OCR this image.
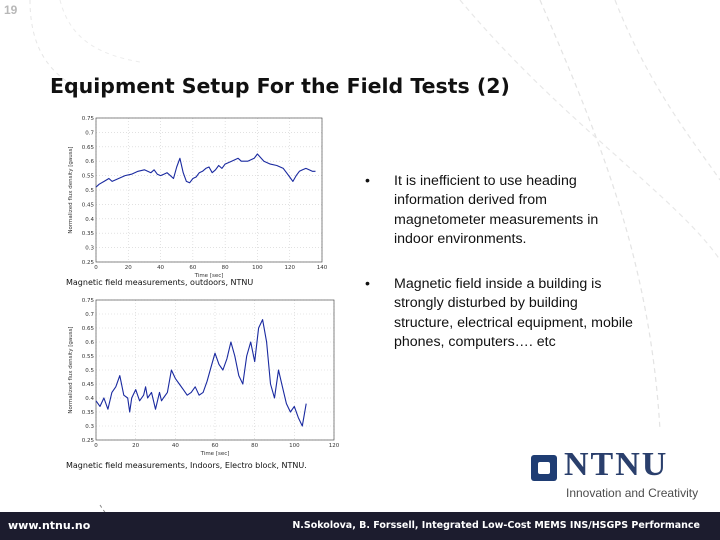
19
Equipment Setup For the Field Tests (2)
0	20	40	60	80	100	120	140
0.25
0.3
0.35
0.4
0.45
0.5
0.55
0.6
0.65
0.7
0.75
Time [sec]
Normalized flux density [gauss]
Magnetic field measurements, outdoors, NTNU
0	20	40	60	80	100	120
0.25
0.3
0.35
0.4
0.45
0.5
0.55
0.6
0.65
0.7
0.75
Time [sec]
Normalized flux density [gauss]
Magnetic field measurements, Indoors, Electro block, NTNU.
• It is inefficient to use heading information derived from magnetometer measurements in indoor environments.
• Magnetic field inside a building is strongly disturbed by building structure, electrical equipment, mobile phones, computers…. etc
NTNU
Innovation and Creativity
www.ntnu.no	N.Sokolova, B. Forssell, Integrated Low-Cost MEMS INS/HSGPS Performance
